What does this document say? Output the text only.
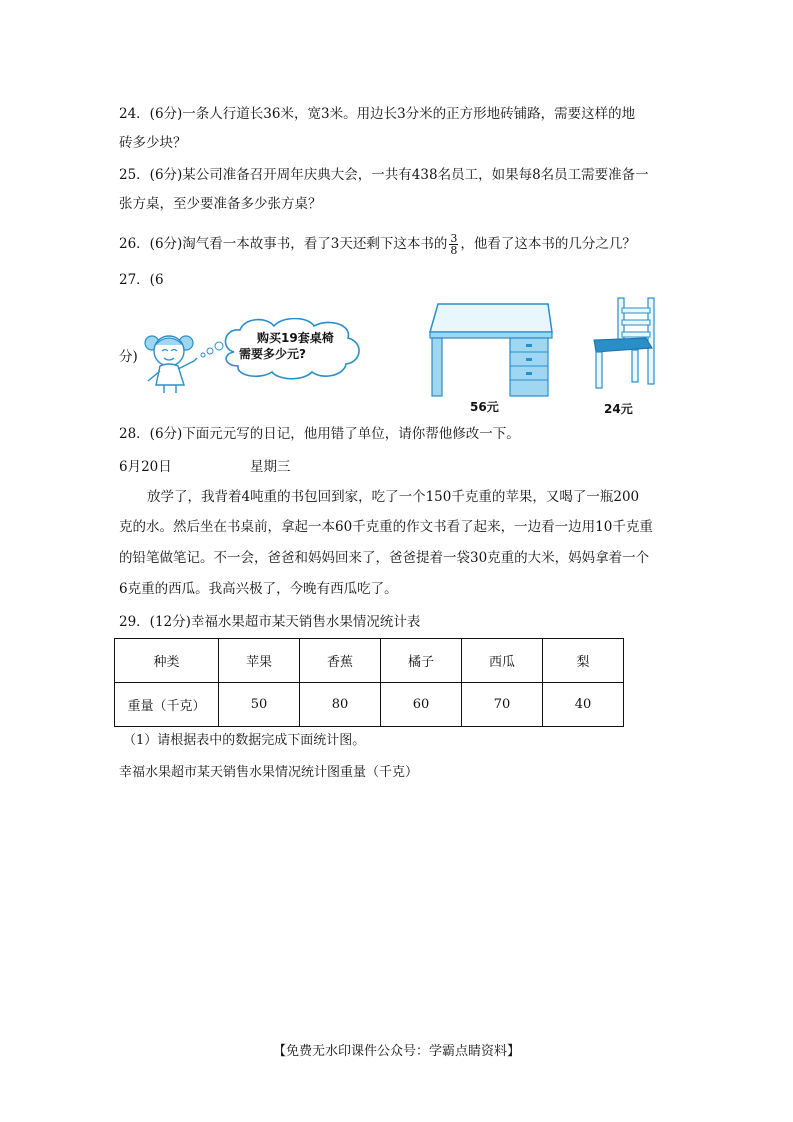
24．(6分)一条人行道长36米，宽3米。用边长3分米的正方形地砖铺路，需要这样的地
砖多少块？
25．(6分)某公司准备召开周年庆典大会，一共有438名员工，如果每8名员工需要准备一
张方桌，至少要准备多少张方桌？
26．(6分)淘气看一本故事书，看了3天还剩下这本书的 $\frac{3}{8}$ ，他看了这本书的几分之几？
27．(6
分)
购买19套桌椅
需要多少元?
56元	24元
28．(6分)下面元元写的日记，他用错了单位，请你帮他修改一下。
6月20日	星期三
放学了，我背着4吨重的书包回到家，吃了一个150千克重的苹果，又喝了一瓶200
克的水。然后坐在书桌前，拿起一本60千克重的作文书看了起来，一边看一边用10千克重
的铅笔做笔记。不一会，爸爸和妈妈回来了，爸爸提着一袋30克重的大米，妈妈拿着一个
6克重的西瓜。我高兴极了，今晚有西瓜吃了。
29．(12分)幸福水果超市某天销售水果情况统计表
种类	苹果	香蕉	橘子	西瓜	梨
重量（千克）	50	80	60	70	40
（1）请根据表中的数据完成下面统计图。
幸福水果超市某天销售水果情况统计图重量（千克）
【免费无水印课件公众号：学霸点睛资料】
